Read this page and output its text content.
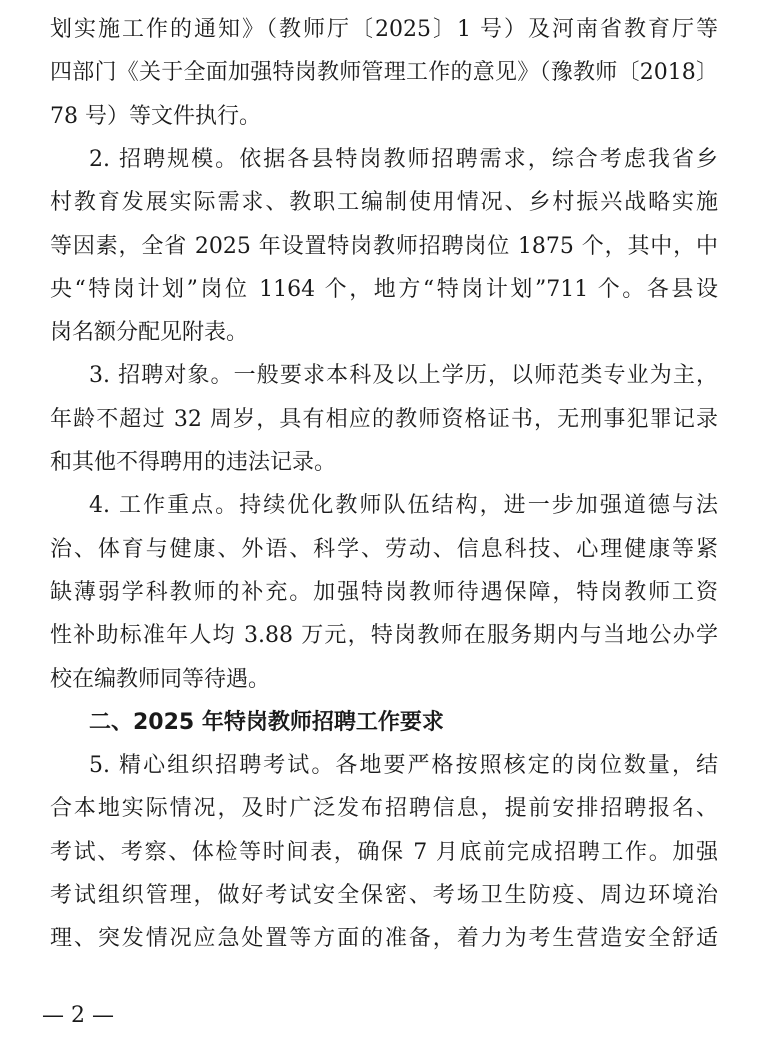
划实施工作的通知》（教师厅〔2025〕1 号）及河南省教育厅等
四部门《关于全面加强特岗教师管理工作的意见》（豫教师〔2018〕
78 号）等文件执行。
2. 招聘规模。依据各县特岗教师招聘需求，综合考虑我省乡
村教育发展实际需求、教职工编制使用情况、乡村振兴战略实施
等因素，全省 2025 年设置特岗教师招聘岗位 1875 个，其中，中
央“特岗计划”岗位 1164 个，地方“特岗计划”711 个。各县设
岗名额分配见附表。
3. 招聘对象。一般要求本科及以上学历，以师范类专业为主，
年龄不超过 32 周岁，具有相应的教师资格证书，无刑事犯罪记录
和其他不得聘用的违法记录。
4. 工作重点。持续优化教师队伍结构，进一步加强道德与法
治、体育与健康、外语、科学、劳动、信息科技、心理健康等紧
缺薄弱学科教师的补充。加强特岗教师待遇保障，特岗教师工资
性补助标准年人均 3.88 万元，特岗教师在服务期内与当地公办学
校在编教师同等待遇。
二、2025 年特岗教师招聘工作要求
5. 精心组织招聘考试。各地要严格按照核定的岗位数量，结
合本地实际情况，及时广泛发布招聘信息，提前安排招聘报名、
考试、考察、体检等时间表，确保 7 月底前完成招聘工作。加强
考试组织管理，做好考试安全保密、考场卫生防疫、周边环境治
理、突发情况应急处置等方面的准备，着力为考生营造安全舒适
— 2 —
